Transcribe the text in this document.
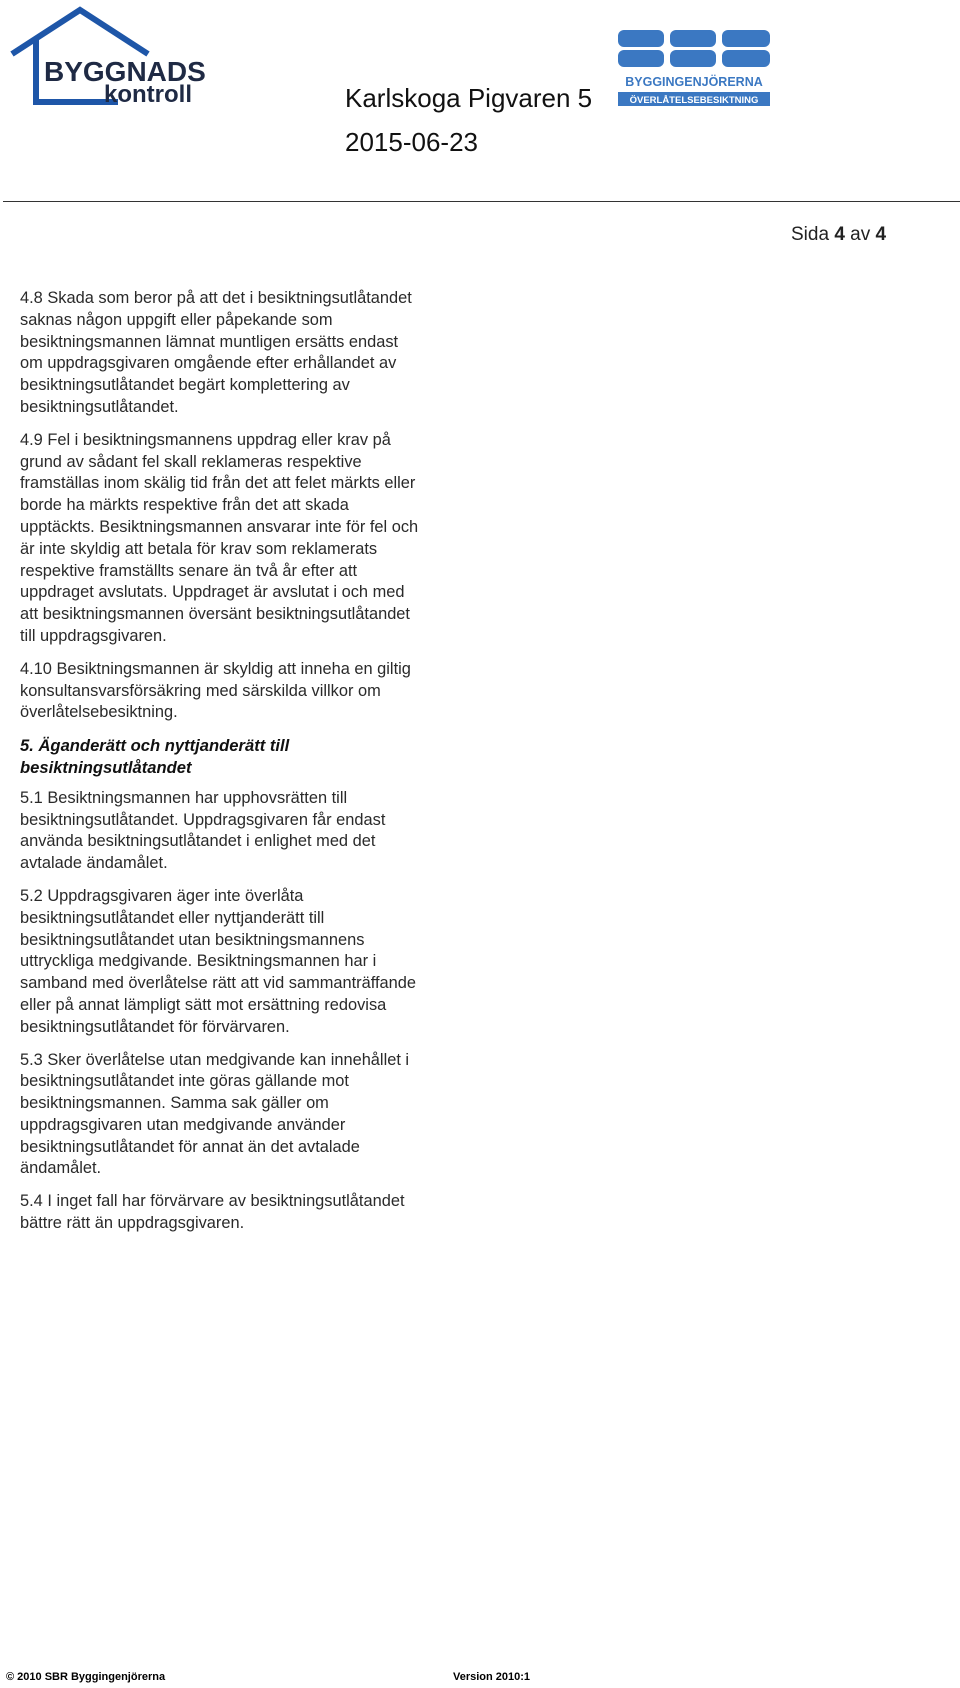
BYGGNADS
kontroll	BYGGINGENJÖRERNA
ÖVERLÅTELSEBESIKTNING
Karlskoga Pigvaren 5
2015-06-23
Sida 4 av 4

4.8 Skada som beror på att det i besiktningsutlåtandet saknas någon uppgift eller påpekande som besiktningsmannen lämnat muntligen ersätts endast om uppdragsgivaren omgående efter erhållandet av besiktningsutlåtandet begärt komplettering av besiktningsutlåtandet.

4.9 Fel i besiktningsmannens uppdrag eller krav på grund av sådant fel skall reklameras respektive framställas inom skälig tid från det att felet märkts eller borde ha märkts respektive från det att skada upptäckts. Besiktningsmannen ansvarar inte för fel och är inte skyldig att betala för krav som reklamerats respektive framställts senare än två år efter att uppdraget avslutats. Uppdraget är avslutat i och med att besiktningsmannen översänt besiktningsutlåtandet till uppdragsgivaren.

4.10 Besiktningsmannen är skyldig att inneha en giltig konsultansvarsförsäkring med särskilda villkor om överlåtelsebesiktning.

5. Äganderätt och nyttjanderätt till besiktningsutlåtandet

5.1 Besiktningsmannen har upphovsrätten till besiktningsutlåtandet. Uppdragsgivaren får endast använda besiktningsutlåtandet i enlighet med det avtalade ändamålet.

5.2 Uppdragsgivaren äger inte överlåta besiktningsutlåtandet eller nyttjanderätt till besiktningsutlåtandet utan besiktningsmannens uttryckliga medgivande. Besiktningsmannen har i samband med överlåtelse rätt att vid sammanträffande eller på annat lämpligt sätt mot ersättning redovisa besiktningsutlåtandet för förvärvaren.

5.3 Sker överlåtelse utan medgivande kan innehållet i besiktningsutlåtandet inte göras gällande mot besiktningsmannen. Samma sak gäller om uppdragsgivaren utan medgivande använder besiktningsutlåtandet för annat än det avtalade ändamålet.

5.4 I inget fall har förvärvare av besiktningsutlåtandet bättre rätt än uppdragsgivaren.

© 2010 SBR Byggingenjörerna	Version 2010:1
